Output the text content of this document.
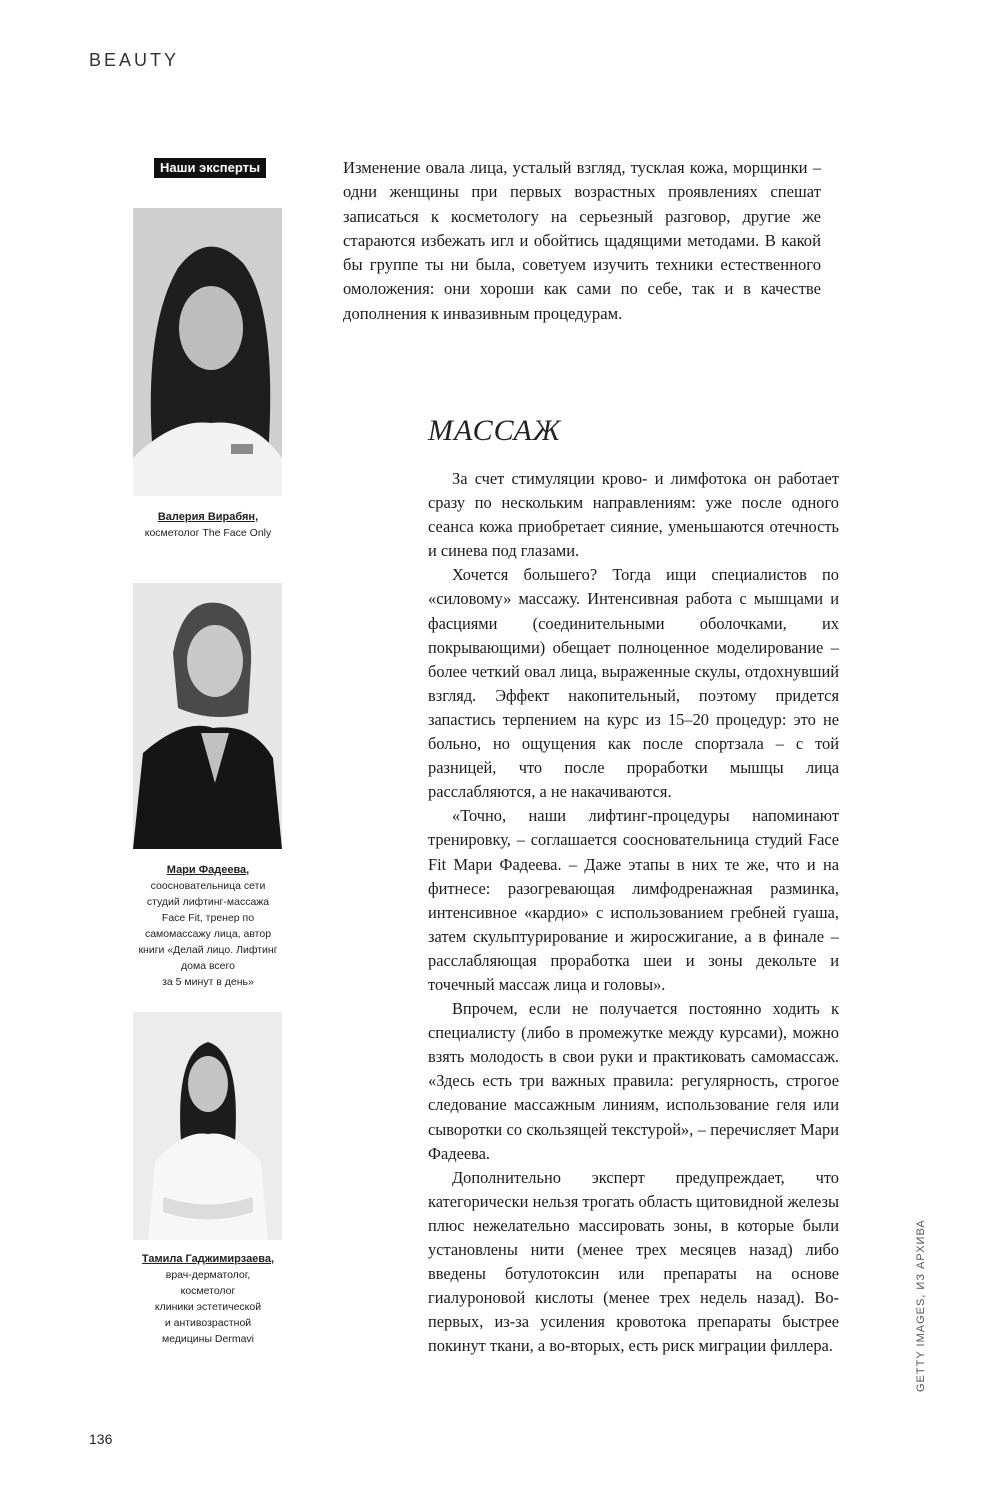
BEAUTY
Наши эксперты
Валерия Вирабян,
косметолог The Face Only
Мари Фадеева,
соосновательница сети
студий лифтинг-массажа
Face Fit, тренер по
самомассажу лица, автор
книги «Делай лицо. Лифтинг
дома всего
за 5 минут в день»
Тамила Гаджимирзаева,
врач-дерматолог,
косметолог
клиники эстетической
и антивозрастной
медицины Dermavi
Изменение овала лица, усталый взгляд, тусклая кожа, морщинки – одни женщины при первых возрастных проявлениях спешат записаться к косметологу на серьезный разговор, другие же стараются избежать игл и обойтись щадящими методами. В какой бы группе ты ни была, советуем изучить техники естественного омоложения: они хороши как сами по себе, так и в качестве дополнения к инвазивным процедурам.
МАССАЖ

За счет стимуляции крово- и лимфотока он работает сразу по нескольким направлениям: уже после одного сеанса кожа приобретает сияние, уменьшаются отечность и синева под глазами.

Хочется большего? Тогда ищи специалистов по «силовому» массажу. Интенсивная работа с мышцами и фасциями (соединительными оболочками, их покрывающими) обещает полноценное моделирование – более четкий овал лица, выраженные скулы, отдохнувший взгляд. Эффект накопительный, поэтому придется запастись терпением на курс из 15–20 процедур: это не больно, но ощущения как после спортзала – с той разницей, что после проработки мышцы лица расслабляются, а не накачиваются.

«Точно, наши лифтинг-процедуры напоминают тренировку, – соглашается соосновательница студий Face Fit Мари Фадеева. – Даже этапы в них те же, что и на фитнесе: разогревающая лимфодренажная разминка, интенсивное «кардио» с использованием гребней гуаша, затем скульптурирование и жиросжигание, а в финале – расслабляющая проработка шеи и зоны декольте и точечный массаж лица и головы».

Впрочем, если не получается постоянно ходить к специалисту (либо в промежутке между курсами), можно взять молодость в свои руки и практиковать самомассаж. «Здесь есть три важных правила: регулярность, строгое следование массажным линиям, использование геля или сыворотки со скользящей текстурой», – перечисляет Мари Фадеева.

Дополнительно эксперт предупреждает, что категорически нельзя трогать область щитовидной железы плюс нежелательно массировать зоны, в которые были установлены нити (менее трех месяцев назад) либо введены ботулотоксин или препараты на основе гиалуроновой кислоты (менее трех недель назад). Во-первых, из-за усиления кровотока препараты быстрее покинут ткани, а во-вторых, есть риск миграции филлера.

136
GETTY IMAGES, ИЗ АРХИВА
